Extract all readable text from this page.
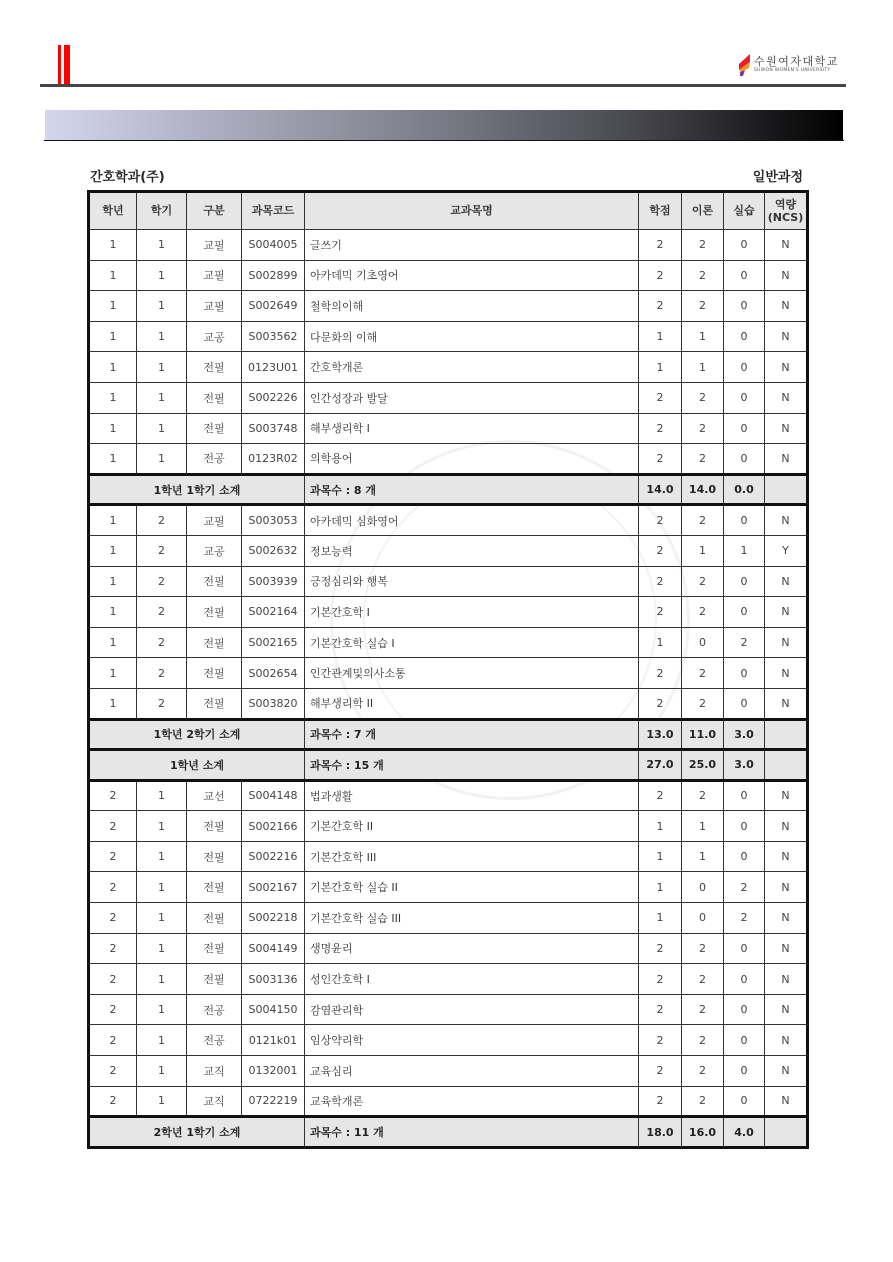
수원여자대학교
SUWON WOMEN'S UNIVERSITY
간호학과(주)	일반과정
학년	학기	구분	과목코드	교과목명	학점	이론	실습	역량
(NCS)
1	1	교필	S004005	글쓰기	2	2	0	N
1	1	교필	S002899	아카데믹 기초영어	2	2	0	N
1	1	교필	S002649	철학의이해	2	2	0	N
1	1	교공	S003562	다문화의 이해	1	1	0	N
1	1	전필	0123U01	간호학개론	1	1	0	N
1	1	전필	S002226	인간성장과 발달	2	2	0	N
1	1	전필	S003748	해부생리학 I	2	2	0	N
1	1	전공	0123R02	의학용어	2	2	0	N
1학년 1학기 소계				과목수 : 8 개	14.0	14.0	0.0	
1	2	교필	S003053	아카데믹 심화영어	2	2	0	N
1	2	교공	S002632	정보능력	2	1	1	Y
1	2	전필	S003939	긍정심리와 행복	2	2	0	N
1	2	전필	S002164	기본간호학 I	2	2	0	N
1	2	전필	S002165	기본간호학 실습 I	1	0	2	N
1	2	전필	S002654	인간관계및의사소통	2	2	0	N
1	2	전필	S003820	해부생리학 II	2	2	0	N
1학년 2학기 소계				과목수 : 7 개	13.0	11.0	3.0	
1학년 소계				과목수 : 15 개	27.0	25.0	3.0	
2	1	교선	S004148	법과생활	2	2	0	N
2	1	전필	S002166	기본간호학 II	1	1	0	N
2	1	전필	S002216	기본간호학 III	1	1	0	N
2	1	전필	S002167	기본간호학 실습 II	1	0	2	N
2	1	전필	S002218	기본간호학 실습 III	1	0	2	N
2	1	전필	S004149	생명윤리	2	2	0	N
2	1	전필	S003136	성인간호학 I	2	2	0	N
2	1	전공	S004150	감염관리학	2	2	0	N
2	1	전공	0121k01	임상약리학	2	2	0	N
2	1	교직	0132001	교육심리	2	2	0	N
2	1	교직	0722219	교육학개론	2	2	0	N
2학년 1학기 소계				과목수 : 11 개	18.0	16.0	4.0	
